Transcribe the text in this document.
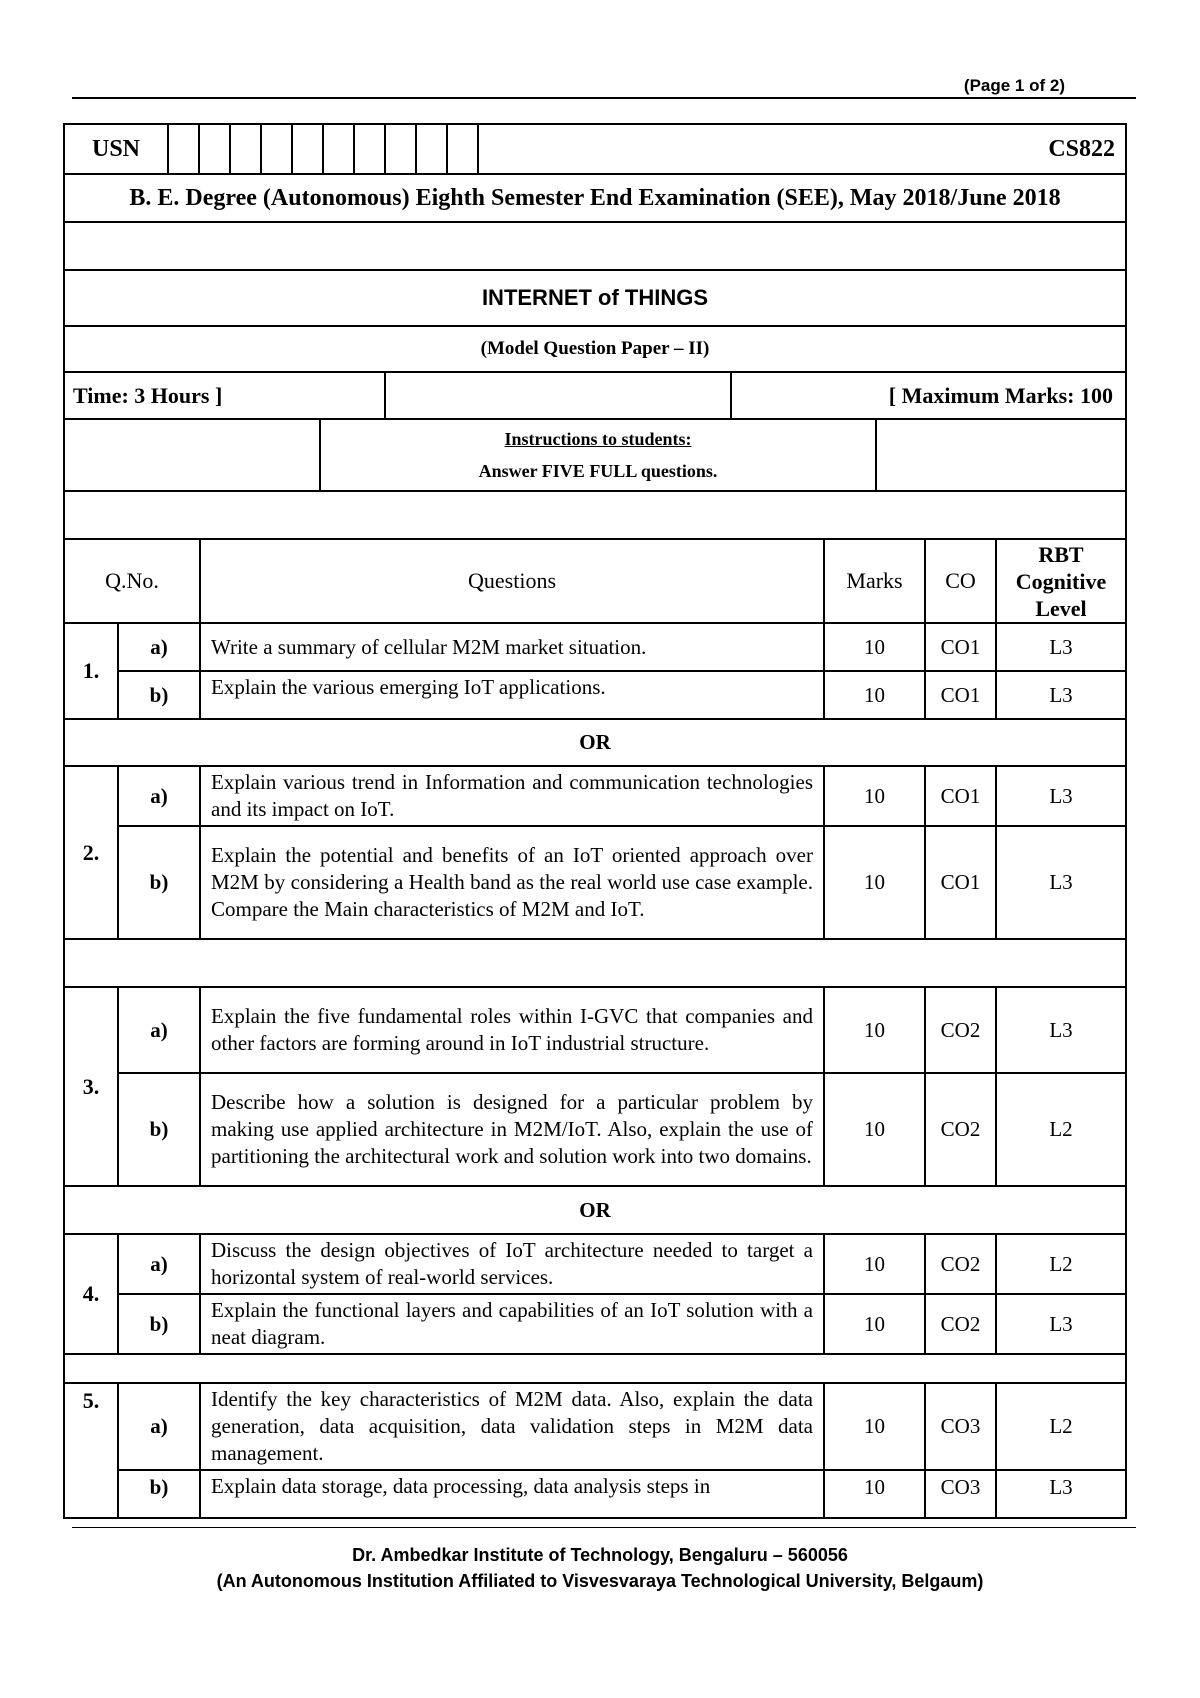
(Page 1 of 2)
USN											CS822
B. E. Degree (Autonomous) Eighth Semester End Examination (SEE), May 2018/June 2018

INTERNET of THINGS
(Model Question Paper – II)
Time: 3 Hours ]		[ Maximum Marks: 100
	Instructions to students:
Answer FIVE FULL questions.	
Q.No.		Questions	Marks	CO	RBT
Cognitive
Level
1.	a)	Write a summary of cellular M2M market situation.	10	CO1	L3
	b)	Explain the various emerging IoT applications.	10	CO1	L3
OR					
2.	a)	Explain various trend in Information and communication technologies and its impact on IoT.	10	CO1	L3
	b)	Explain the potential and benefits of an IoT oriented approach over M2M by considering a Health band as the real world use case example. Compare the Main characteristics of M2M and IoT.	10	CO1	L3

3.	a)	Explain the five fundamental roles within I-GVC that companies and other factors are forming around in IoT industrial structure.	10	CO2	L3
	b)	Describe how a solution is designed for a particular problem by making use applied architecture in M2M/IoT. Also, explain the use of partitioning the architectural work and solution work into two domains.	10	CO2	L2
OR					
4.	a)	Discuss the design objectives of IoT architecture needed to target a horizontal system of real-world services.	10	CO2	L2
	b)	Explain the functional layers and capabilities of an IoT solution with a neat diagram.	10	CO2	L3

5.	a)	Identify the key characteristics of M2M data. Also, explain the data generation, data acquisition, data validation steps in M2M data management.	10	CO3	L2
	b)	Explain data storage, data processing, data analysis steps in	10	CO3	L3
Dr. Ambedkar Institute of Technology, Bengaluru – 560056
(An Autonomous Institution Affiliated to Visvesvaraya Technological University, Belgaum)
